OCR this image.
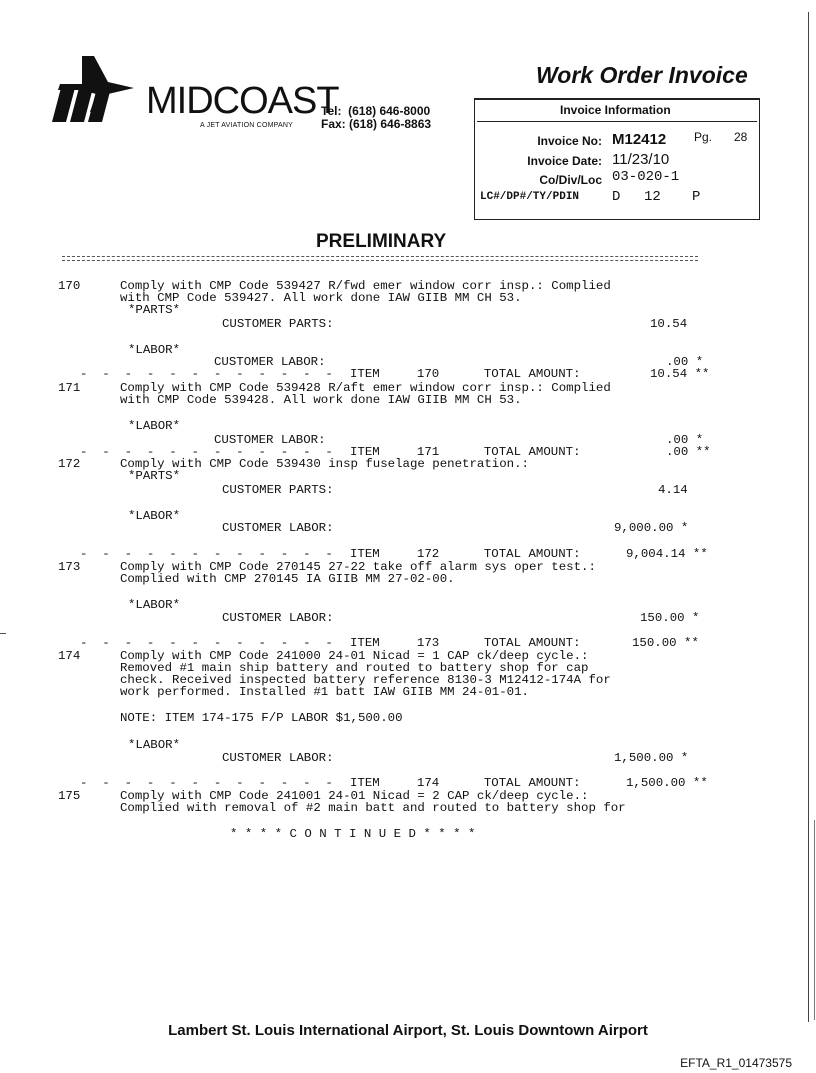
MIDCOAST
A JET AVIATION COMPANY
Tel:  (618) 646-8000
Fax: (618) 646-8863
Work Order Invoice
Invoice Information
Invoice No: M12412 Pg. 28
Invoice Date: 11/23/10
Co/Div/Loc 03-020-1
LC#/DP#/TY/PDIN D 12 P
PRELIMINARY
170	Comply with CMP Code 539427 R/fwd emer window corr insp.: Complied
with CMP Code 539427. All work done IAW GIIB MM CH 53.
*PARTS*
CUSTOMER PARTS:	10.54
*LABOR*
CUSTOMER LABOR:	.00 *
-  -  -  -  -  -  -  -  -  -  -  - ITEM     170      TOTAL AMOUNT:	10.54 **
171	Comply with CMP Code 539428 R/aft emer window corr insp.: Complied
with CMP Code 539428. All work done IAW GIIB MM CH 53.
*LABOR*
CUSTOMER LABOR:	.00 *
-  -  -  -  -  -  -  -  -  -  -  - ITEM     171      TOTAL AMOUNT:	.00 **
172	Comply with CMP Code 539430 insp fuselage penetration.:
*PARTS*
CUSTOMER PARTS:	4.14
*LABOR*
CUSTOMER LABOR:	9,000.00 *
-  -  -  -  -  -  -  -  -  -  -  - ITEM     172      TOTAL AMOUNT:	9,004.14 **
173	Comply with CMP Code 270145 27-22 take off alarm sys oper test.:
Complied with CMP 270145 IA GIIB MM 27-02-00.
*LABOR*
CUSTOMER LABOR:	150.00 *
-  -  -  -  -  -  -  -  -  -  -  - ITEM     173      TOTAL AMOUNT:	150.00 **
174	Comply with CMP Code 241000 24-01 Nicad = 1 CAP ck/deep cycle.:
Removed #1 main ship battery and routed to battery shop for cap
check. Received inspected battery reference 8130-3 M12412-174A for
work performed. Installed #1 batt IAW GIIB MM 24-01-01.
NOTE: ITEM 174-175 F/P LABOR $1,500.00
*LABOR*
CUSTOMER LABOR:	1,500.00 *
-  -  -  -  -  -  -  -  -  -  -  - ITEM     174      TOTAL AMOUNT:	1,500.00 **
175	Comply with CMP Code 241001 24-01 Nicad = 2 CAP ck/deep cycle.:
Complied with removal of #2 main batt and routed to battery shop for
* * * * C O N T I N U E D * * * *
Lambert St. Louis International Airport, St. Louis Downtown Airport
EFTA_R1_01473575
